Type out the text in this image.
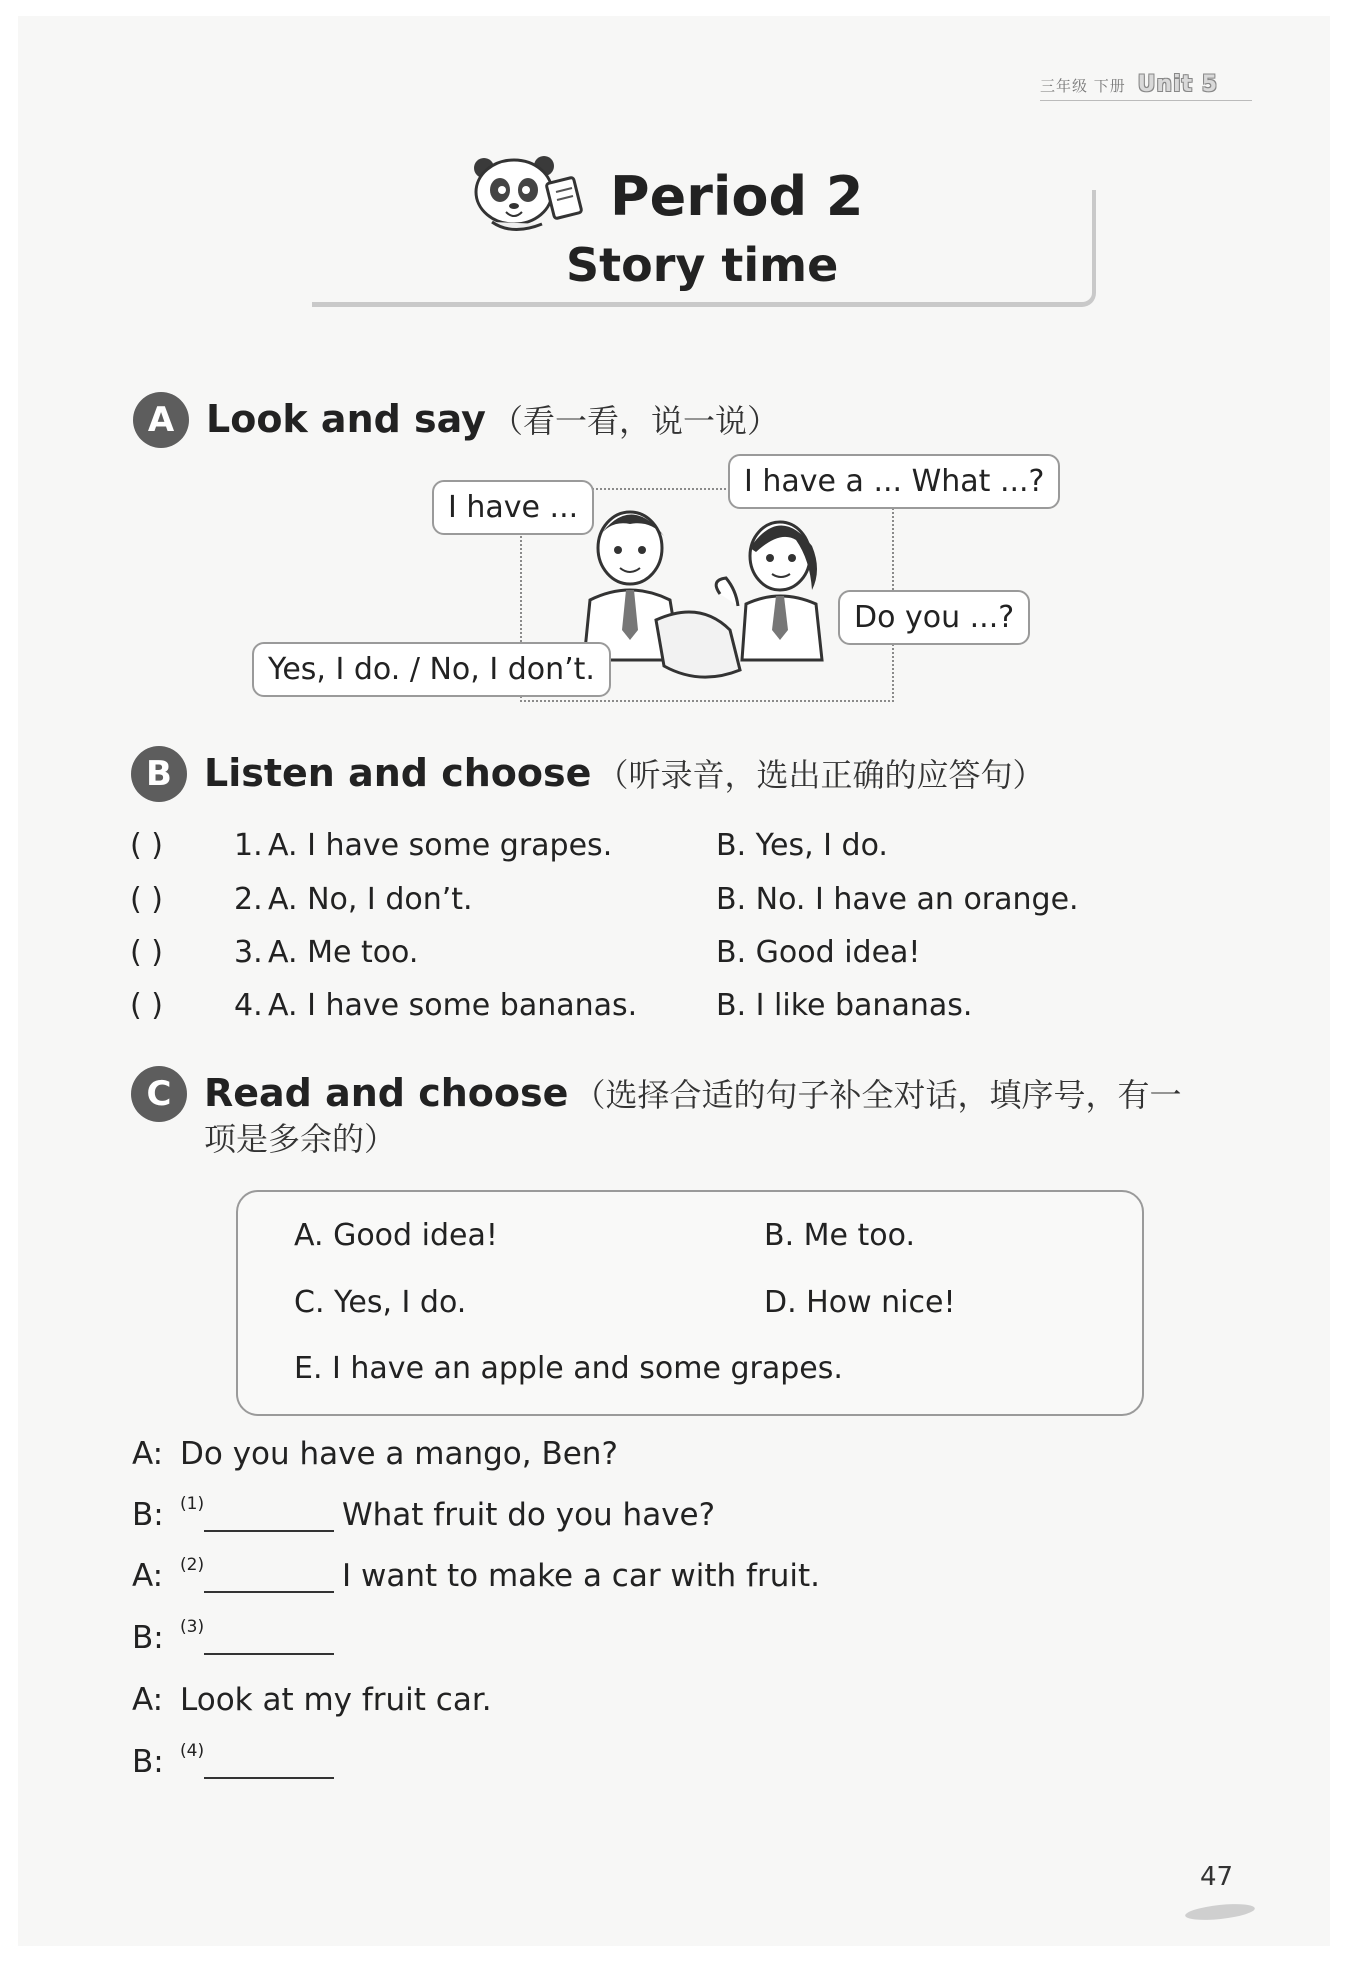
三年级 下册 Unit 5
Period 2
Story time
A Look and say （看一看，说一说）
I have ...
I have a ... What ...?
Do you ...?
Yes, I do. / No, I don’t.
B Listen and choose （听录音，选出正确的应答句）
( ) 1. A. I have some grapes.	B. Yes, I do.
( ) 2. A. No, I don’t.	B. No. I have an orange.
( ) 3. A. Me too.	B. Good idea!
( ) 4. A. I have some bananas.	B. I like bananas.
C Read and choose （选择合适的句子补全对话，填序号，有一
项是多余的）
A. Good idea!	B. Me too.
C. Yes, I do.	D. How nice!
E. I have an apple and some grapes.
A: Do you have a mango, Ben?
B: (1)	What fruit do you have?
A: (2)	I want to make a car with fruit.
B: (3)
A: Look at my fruit car.
B: (4)
47
